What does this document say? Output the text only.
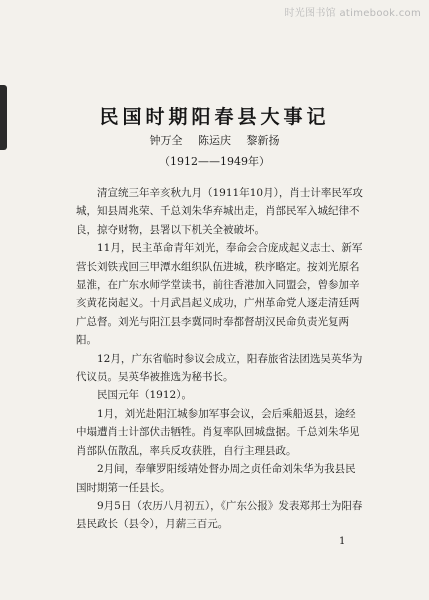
时光图书馆 atimebook.com
民国时期阳春县大事记
钟万全 陈运庆 黎新扬
（1912——1949年）

清宣统三年辛亥秋九月（1911年10月），肖士计率民军攻城，知县周兆荣、千总刘朱华弃城出走，肖部民军入城纪律不良，掠夺财物，县署以下机关全被破坏。

11月，民主革命青年刘光，奉命会合庞成起义志士、新军营长刘铁戎回三甲潭水组织队伍进城，秩序略定。按刘光原名显淮，在广东水师学堂读书，前往香港加入同盟会，曾参加辛亥黄花岗起义。十月武昌起义成功，广州革命党人逐走清廷两广总督。刘光与阳江县李冀同时奉都督胡汉民命负责光复两阳。

12月，广东省临时参议会成立，阳春旅省法团选吴英华为代议员。吴英华被推选为秘书长。

民国元年（1912）。

1月，刘光赴阳江城参加军事会议，会后乘船返县，途经中塌遭肖士计部伏击牺牲。肖复率队回城盘据。千总刘朱华见肖部队伍散乱，率兵反攻获胜，自行主理县政。

2月间，奉肇罗阳绥靖处督办周之贞任命刘朱华为我县民国时期第一任县长。

9月5日（农历八月初五），《广东公报》发表郑邦士为阳春县民政长（县令），月薪三百元。

1
